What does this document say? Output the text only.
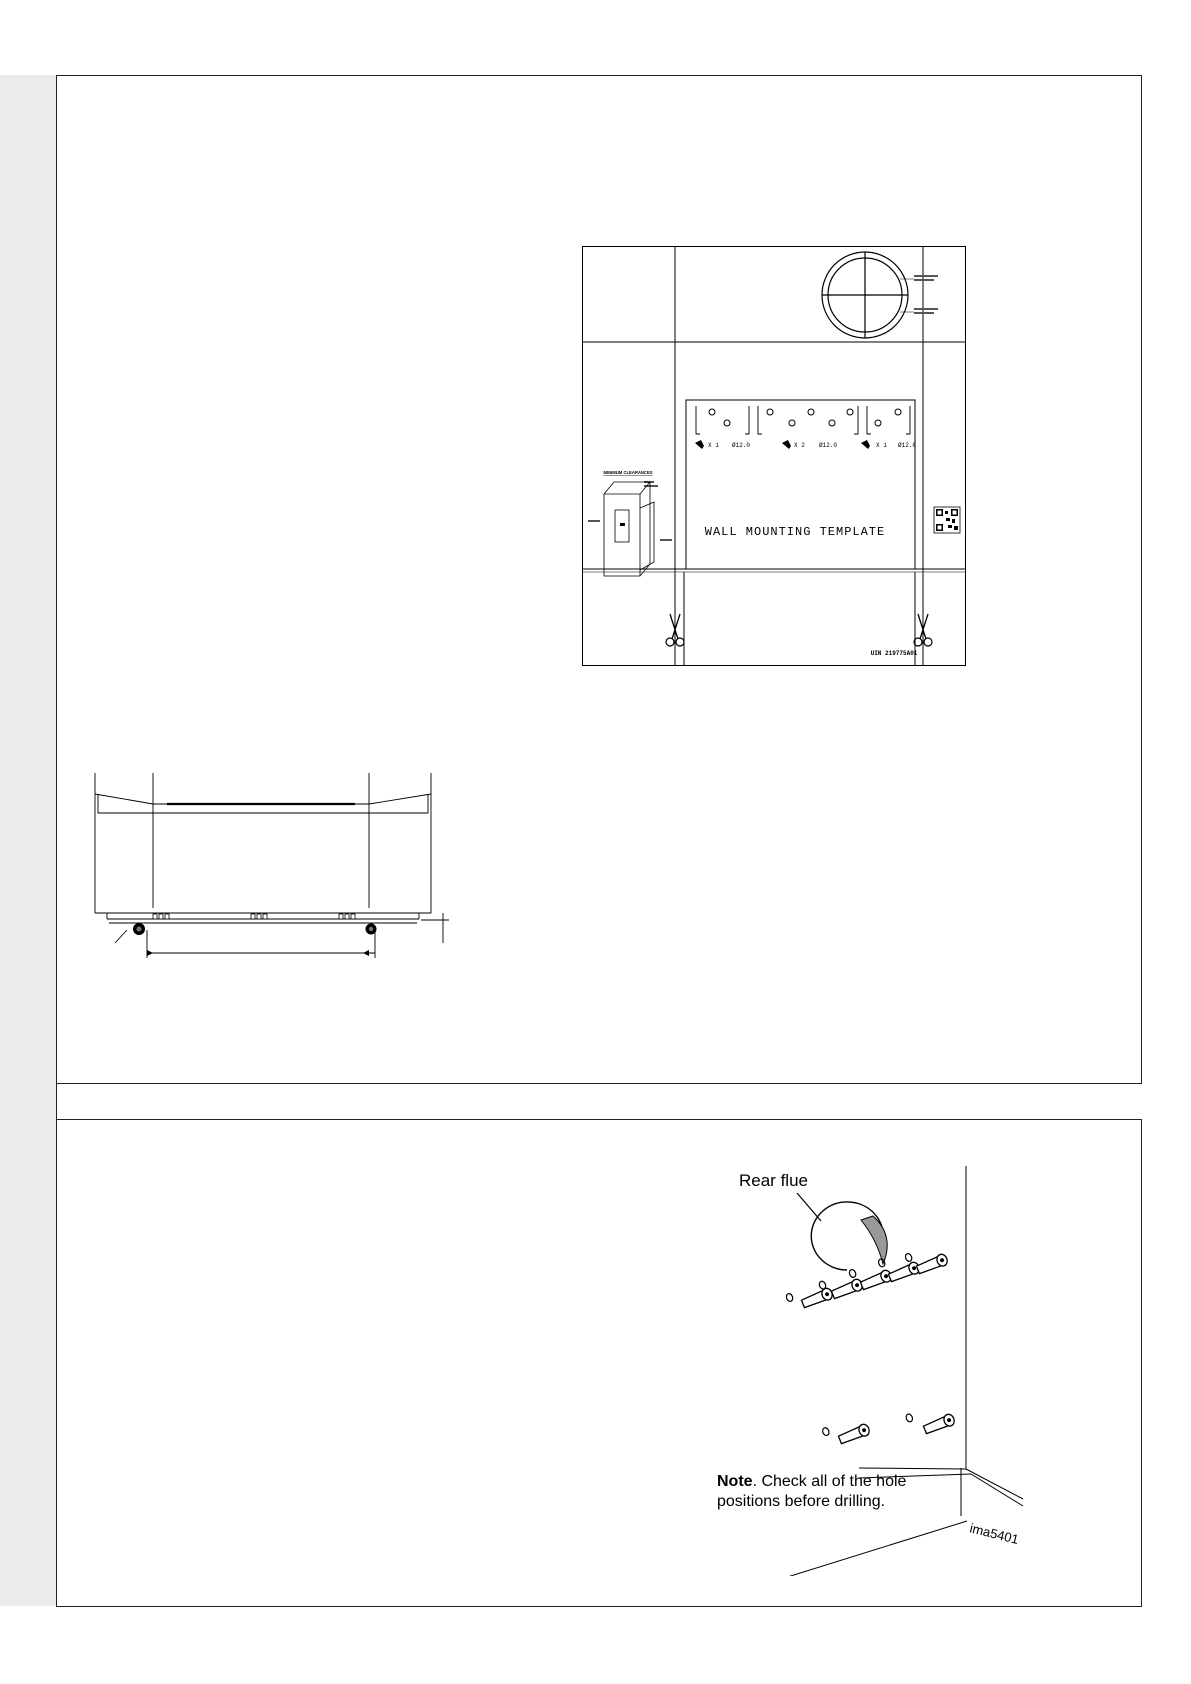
X 1 Ø12.0	X 2 Ø12.0	X 1 Ø12.0
WALL MOUNTING TEMPLATE
MINIMUM CLEARANCES
UIN 219775A01
Rear flue
Note. Check all of the hole
positions before drilling.
ima5401
